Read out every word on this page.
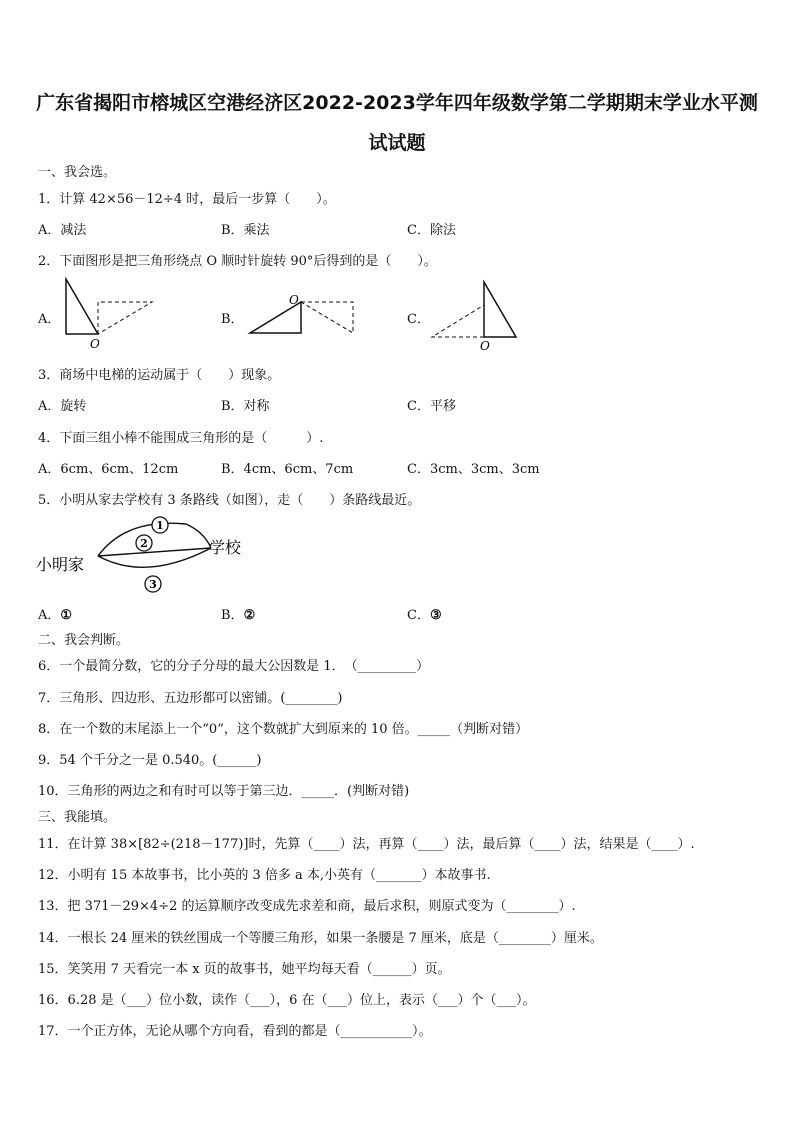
广东省揭阳市榕城区空港经济区2022-2023学年四年级数学第二学期期末学业水平测
试试题
一、我会选。
1．计算 42×56－12÷4 时，最后一步算（　　）。
A．减法	B．乘法	C．除法
2．下面图形是把三角形绕点 O 顺时针旋转 90°后得到的是（　　）。
A．	B．	C．
O
O
O
3．商场中电梯的运动属于（　　）现象。
A．旋转	B．对称	C．平移
4．下面三组小棒不能围成三角形的是（　　　）.
A．6cm、6cm、12cm	B．4cm、6cm、7cm	C．3cm、3cm、3cm
5．小明从家去学校有 3 条路线（如图），走（　　）条路线最近。
1
2
3
小明家
学校
A．①	B．②	C．③
二、我会判断。
6．一个最简分数，它的分子分母的最大公因数是 1．　（_________）
7．三角形、四边形、五边形都可以密铺。(________)
8．在一个数的末尾添上一个“0”，这个数就扩大到原来的 10 倍。_____（判断对错）
9．54 个千分之一是 0.540。(______)
10．三角形的两边之和有时可以等于第三边．_____．(判断对错)
三、我能填。
11．在计算 38×[82÷(218－177)]时，先算（____）法，再算（____）法，最后算（____）法，结果是（____）.
12．小明有 15 本故事书，比小英的 3 倍多 a 本,小英有（_______）本故事书.
13．把 371－29×4÷2 的运算顺序改变成先求差和商，最后求积，则原式变为（________）.
14．一根长 24 厘米的铁丝围成一个等腰三角形，如果一条腰是 7 厘米，底是（________）厘米。
15．笑笑用 7 天看完一本 x 页的故事书，她平均每天看（______）页。
16．6.28 是（___）位小数，读作（___），6 在（___）位上，表示（___）个（___）。
17．一个正方体，无论从哪个方向看，看到的都是（___________）。
